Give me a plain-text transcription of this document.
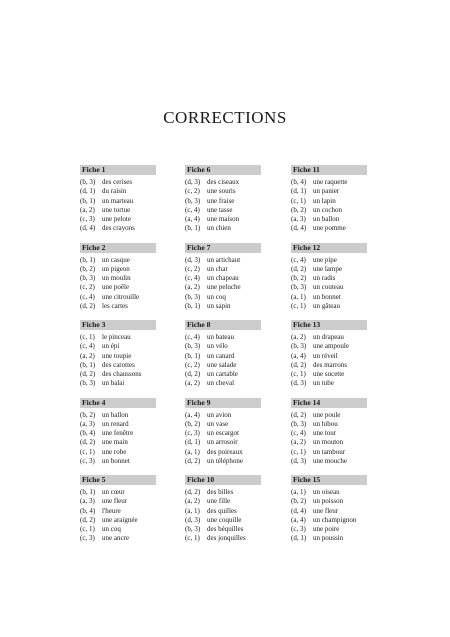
CORRECTIONS
Fiche 1
(b, 3) des cerises
(d, 1) du raisin
(b, 1) un marteau
(a, 2)	une tortue
(c, 3)	une pelote
(d, 4) des crayons
Fiche 2
(b, 1) un casque
(b, 2) un pigeon
(b, 3) un moulin
(c, 2)	une poêle
(c, 4)	une citrouille
(d, 2) les cartes
Fiche 3
(c, 1)	le pinceau
(c, 4)	un épi
(a, 2)	une toupie
(b, 1) des carottes
(d, 2) des chaussons
(b, 3) un balai
Fiche 4
(b, 2) un ballon
(a, 3)	un renard
(b, 4) une fenêtre
(d, 2) une main
(c, 1)	une robe
(c, 3)	un bonnet
Fiche 5
(b, 1) un cœur
(a, 3)	une fleur
(b, 4) l'heure
(d, 2) une araignée
(c, 1)	un coq
(c, 3)	une ancre
Fiche 6
(d, 3) des ciseaux
(c, 2)	une souris
(b, 3) une fraise
(c, 4)	une tasse
(a, 4)	une maison
(b, 1) un chien
Fiche 7
(d, 3) un artichaut
(c, 2)	un chat
(c, 4)	un chapeau
(a, 2)	une peluche
(b, 3) un coq
(b, 1) un sapin
Fiche 8
(c, 4)	un bateau
(b, 3) un vélo
(b, 1) un canard
(c, 2)	une salade
(d, 2) un cartable
(a, 2)	un cheval
Fiche 9
(a, 4)	un avion
(b, 2) un vase
(c, 3)	un escargot
(d, 1) un arrosoir
(a, 1)	des poireaux
(d, 2) un téléphone
Fiche 10
(d, 2) des billes
(a, 2)	une fille
(a, 1)	des quilles
(d, 3) une coquille
(b, 3) des béquilles
(c, 1)	des jonquilles
Fiche 11
(b, 4) une raquette
(d, 1) un panier
(c, 1)	un lapin
(b, 2) un cochon
(a, 3)	un ballon
(d, 4) une pomme
Fiche 12
(c, 4)	une pipe
(d, 2) une lampe
(b, 2) un radis
(b, 3) un couteau
(a, 1)	un bonnet
(c, 1)	un gâteau
Fiche 13
(a, 2)	un drapeau
(b, 3) une ampoule
(a, 4)	un réveil
(d, 2) des marrons
(c, 1)	une sucette
(d, 3) un tube
Fiche 14
(d, 2) une poule
(b, 3) un hibou
(c, 4)	une tour
(a, 2)	un mouton
(c, 1)	un tambour
(d, 3) une mouche
Fiche 15
(a, 1)	un oiseau
(b, 2) un poisson
(d, 4) une fleur
(a, 4)	un champignon
(c, 3)	une poire
(d, 1) un poussin
